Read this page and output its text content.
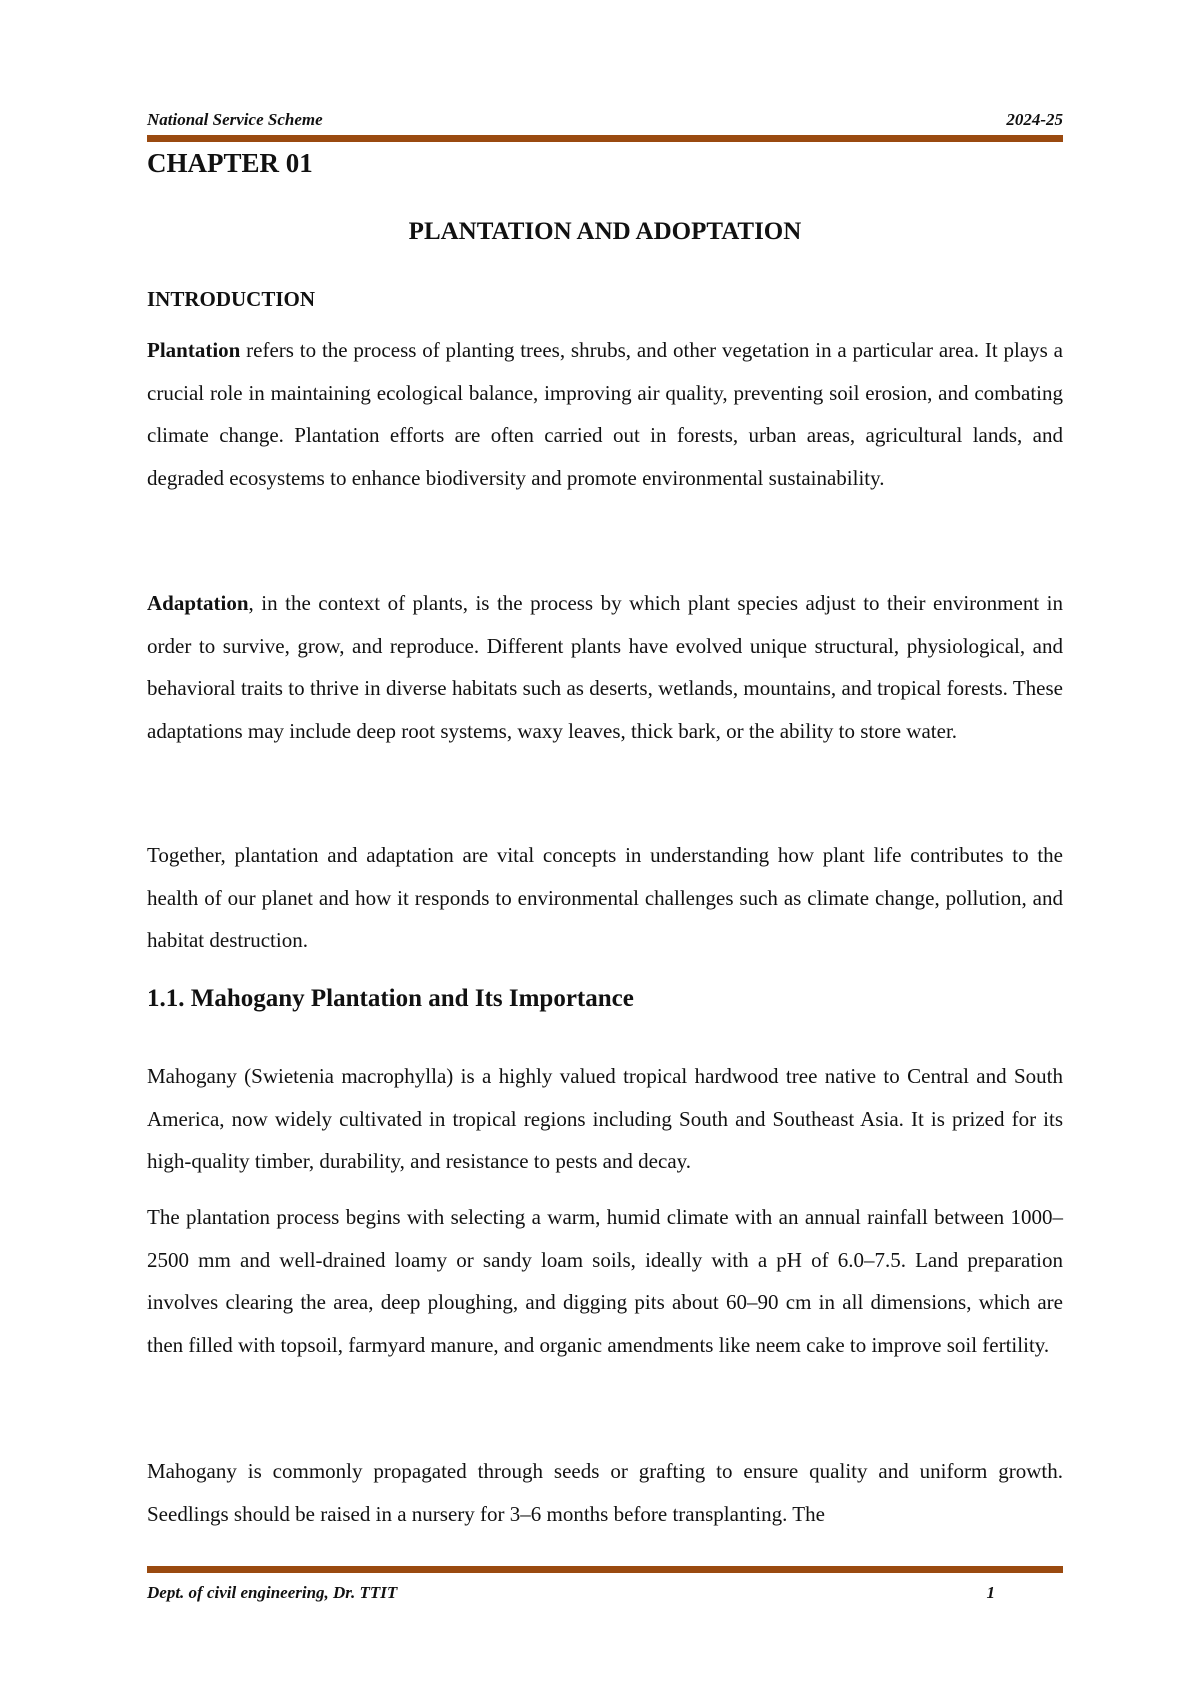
National Service Scheme	2024-25
CHAPTER 01
PLANTATION AND ADOPTATION
INTRODUCTION

Plantation refers to the process of planting trees, shrubs, and other vegetation in a particular area. It plays a crucial role in maintaining ecological balance, improving air quality, preventing soil erosion, and combating climate change. Plantation efforts are often carried out in forests, urban areas, agricultural lands, and degraded ecosystems to enhance biodiversity and promote environmental sustainability.

Adaptation, in the context of plants, is the process by which plant species adjust to their environment in order to survive, grow, and reproduce. Different plants have evolved unique structural, physiological, and behavioral traits to thrive in diverse habitats such as deserts, wetlands, mountains, and tropical forests. These adaptations may include deep root systems, waxy leaves, thick bark, or the ability to store water.

Together, plantation and adaptation are vital concepts in understanding how plant life contributes to the health of our planet and how it responds to environmental challenges such as climate change, pollution, and habitat destruction.

1.1. Mahogany Plantation and Its Importance

Mahogany (Swietenia macrophylla) is a highly valued tropical hardwood tree native to Central and South America, now widely cultivated in tropical regions including South and Southeast Asia. It is prized for its high-quality timber, durability, and resistance to pests and decay.

The plantation process begins with selecting a warm, humid climate with an annual rainfall between 1000–2500 mm and well-drained loamy or sandy loam soils, ideally with a pH of 6.0–7.5. Land preparation involves clearing the area, deep ploughing, and digging pits about 60–90 cm in all dimensions, which are then filled with topsoil, farmyard manure, and organic amendments like neem cake to improve soil fertility.

Mahogany is commonly propagated through seeds or grafting to ensure quality and uniform growth. Seedlings should be raised in a nursery for 3–6 months before transplanting. The

Dept. of civil engineering, Dr. TTIT	1
